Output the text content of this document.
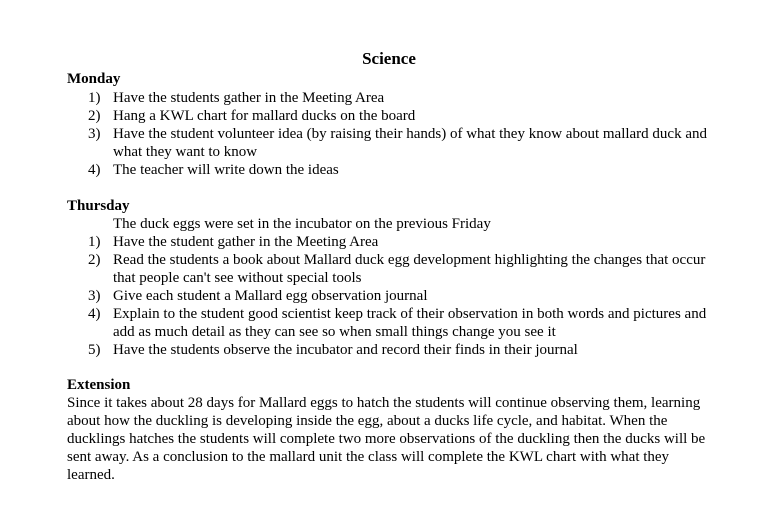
Science
Monday
1) Have the students gather in the Meeting Area
2) Hang a KWL chart for mallard ducks on the board
3) Have the student volunteer idea (by raising their hands) of what they know about mallard duck and what they want to know
4) The teacher will write down the ideas
Thursday
The duck eggs were set in the incubator on the previous Friday
1) Have the student gather in the Meeting Area
2) Read the students a book about Mallard duck egg development highlighting the changes that occur that people can't see without special tools
3) Give each student a Mallard egg observation journal
4) Explain to the student good scientist keep track of their observation in both words and pictures and add as much detail as they can see so when small things change you see it
5) Have the students observe the incubator and record their finds in their journal
Extension

Since it takes about 28 days for Mallard eggs to hatch the students will continue observing them, learning about how the duckling is developing inside the egg, about a ducks life cycle, and habitat. When the ducklings hatches the students will complete two more observations of the duckling then the ducks will be sent away. As a conclusion to the mallard unit the class will complete the KWL chart with what they learned.
